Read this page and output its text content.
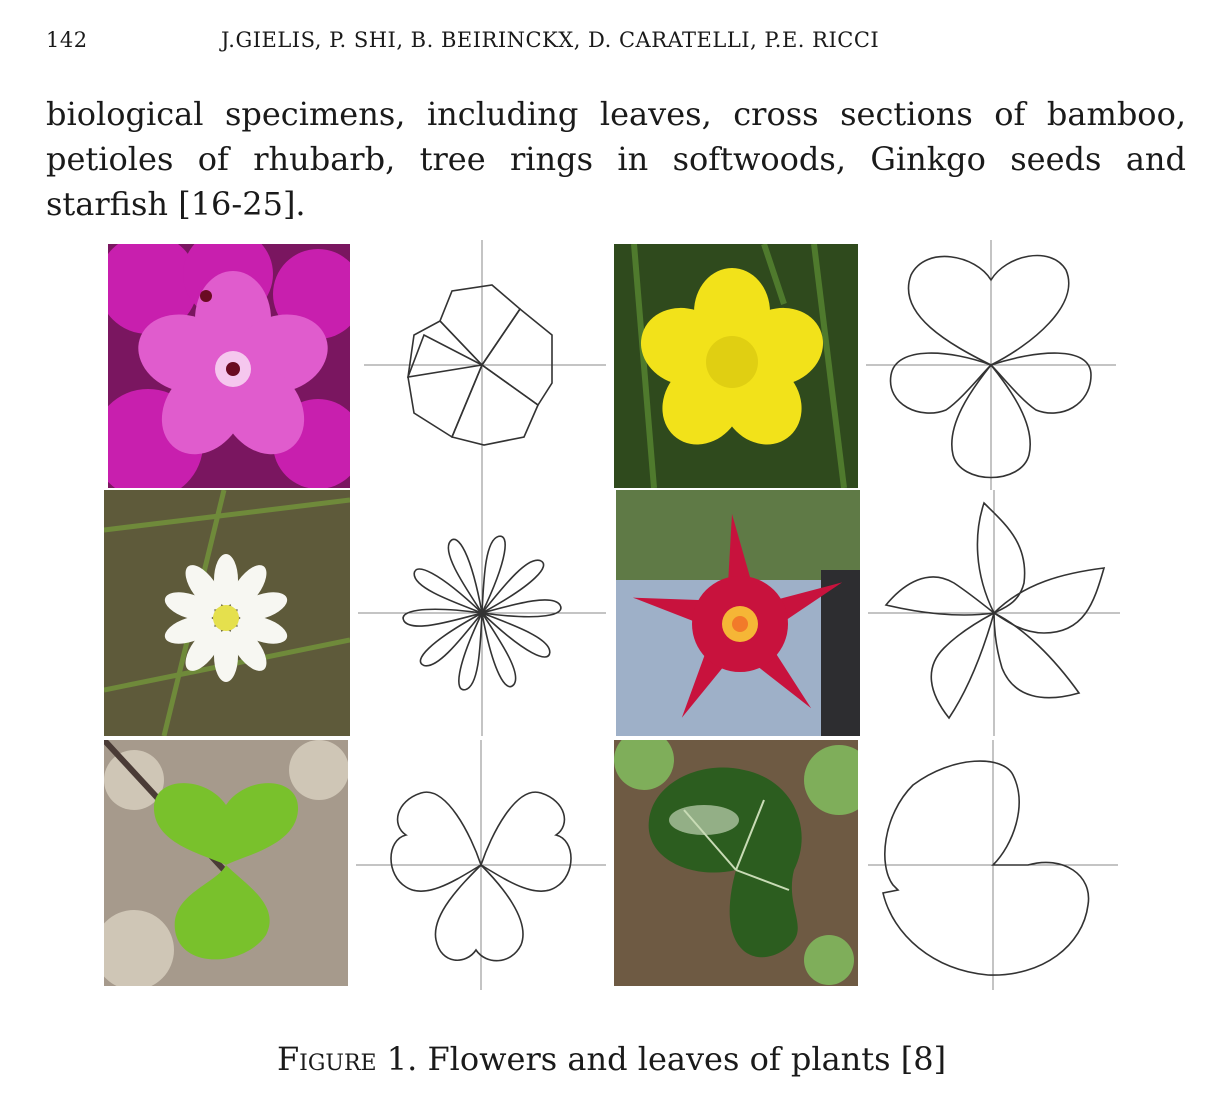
142	J.GIELIS, P. SHI, B. BEIRINCKX, D. CARATELLI, P.E. RICCI
biological specimens, including leaves, cross sections of bamboo, petioles of rhubarb, tree rings in softwoods, Ginkgo seeds and starfish [16-25].
Figure 1. Flowers and leaves of plants [8]
